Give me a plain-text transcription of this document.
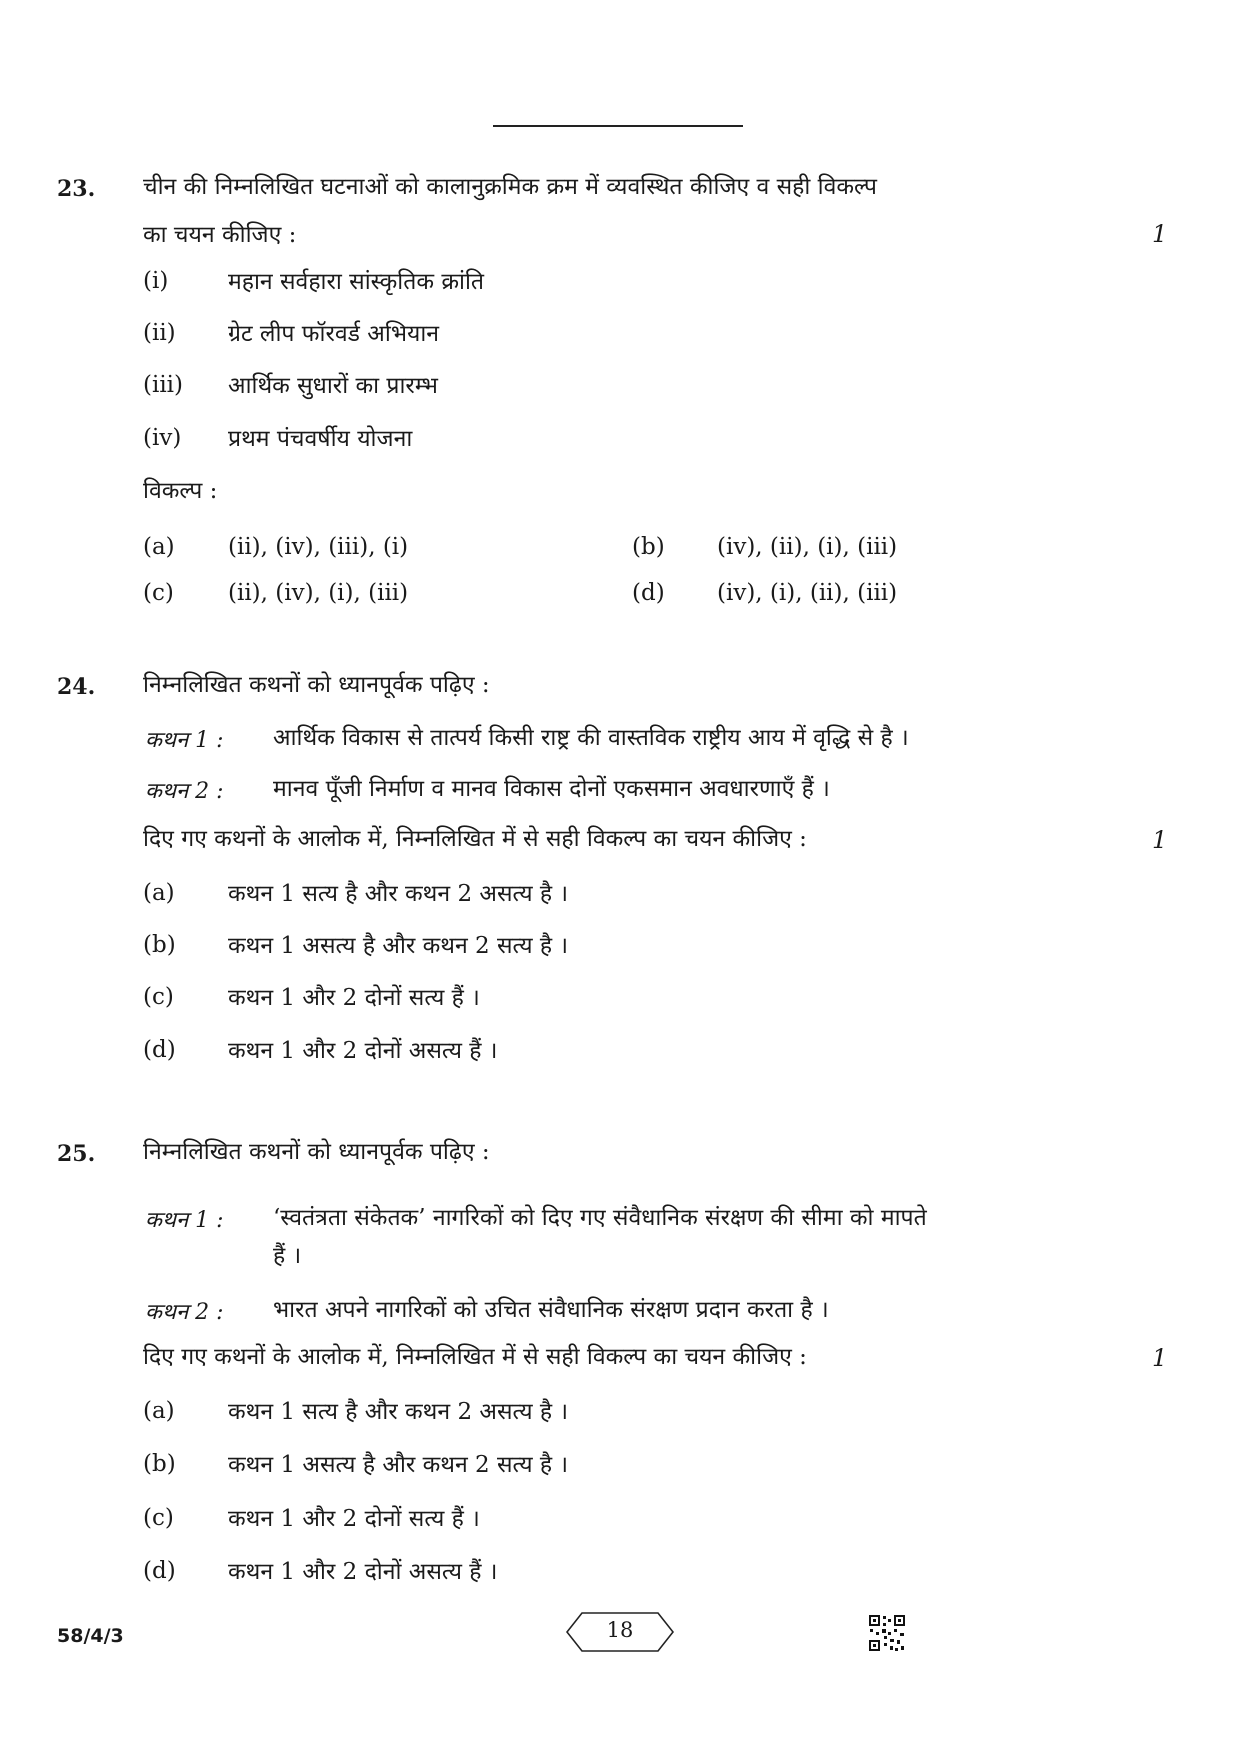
23. चीन की निम्नलिखित घटनाओं को कालानुक्रमिक क्रम में व्यवस्थित कीजिए व सही विकल्प
का चयन कीजिए :	1
(i)	महान सर्वहारा सांस्कृतिक क्रांति
(ii) ग्रेट लीप फॉरवर्ड अभियान
(iii) आर्थिक सुधारों का प्रारम्भ
(iv) प्रथम पंचवर्षीय योजना
विकल्प :
(a) (ii), (iv), (iii), (i)	(b) (iv), (ii), (i), (iii)
(c) (ii), (iv), (i), (iii)	(d) (iv), (i), (ii), (iii)
24. निम्नलिखित कथनों को ध्यानपूर्वक पढ़िए :
कथन 1 : आर्थिक विकास से तात्पर्य किसी राष्ट्र की वास्तविक राष्ट्रीय आय में वृद्धि से है ।
कथन 2 : मानव पूँजी निर्माण व मानव विकास दोनों एकसमान अवधारणाएँ हैं ।
दिए गए कथनों के आलोक में, निम्नलिखित में से सही विकल्प का चयन कीजिए :	1
(a) कथन 1 सत्य है और कथन 2 असत्य है ।
(b) कथन 1 असत्य है और कथन 2 सत्य है ।
(c) कथन 1 और 2 दोनों सत्य हैं ।
(d) कथन 1 और 2 दोनों असत्य हैं ।
25. निम्नलिखित कथनों को ध्यानपूर्वक पढ़िए :
कथन 1 : ‘स्वतंत्रता संकेतक’ नागरिकों को दिए गए संवैधानिक संरक्षण की सीमा को मापते
हैं ।
कथन 2 : भारत अपने नागरिकों को उचित संवैधानिक संरक्षण प्रदान करता है ।
दिए गए कथनों के आलोक में, निम्नलिखित में से सही विकल्प का चयन कीजिए :	1
(a) कथन 1 सत्य है और कथन 2 असत्य है ।
(b) कथन 1 असत्य है और कथन 2 सत्य है ।
(c) कथन 1 और 2 दोनों सत्य हैं ।
(d) कथन 1 और 2 दोनों असत्य हैं ।
58/4/3	18
